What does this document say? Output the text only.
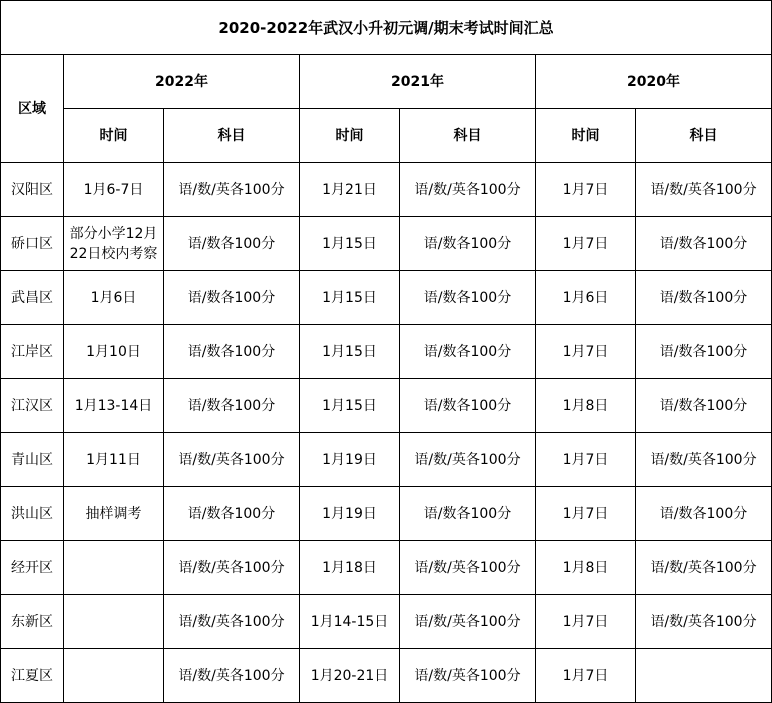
2020-2022年武汉小升初元调/期末考试时间汇总						
区域	2022年		2021年		2020年	
	时间	科目	时间	科目	时间	科目
汉阳区	1月6-7日	语/数/英各100分	1月21日	语/数/英各100分	1月7日	语/数/英各100分
硚口区	部分小学12月22日校内考察	语/数各100分	1月15日	语/数各100分	1月7日	语/数各100分
武昌区	1月6日	语/数各100分	1月15日	语/数各100分	1月6日	语/数各100分
江岸区	1月10日	语/数各100分	1月15日	语/数各100分	1月7日	语/数各100分
江汉区	1月13-14日	语/数各100分	1月15日	语/数各100分	1月8日	语/数各100分
青山区	1月11日	语/数/英各100分	1月19日	语/数/英各100分	1月7日	语/数/英各100分
洪山区	抽样调考	语/数各100分	1月19日	语/数各100分	1月7日	语/数各100分
经开区		语/数/英各100分	1月18日	语/数/英各100分	1月8日	语/数/英各100分
东新区		语/数/英各100分	1月14-15日	语/数/英各100分	1月7日	语/数/英各100分
江夏区		语/数/英各100分	1月20-21日	语/数/英各100分	1月7日	
